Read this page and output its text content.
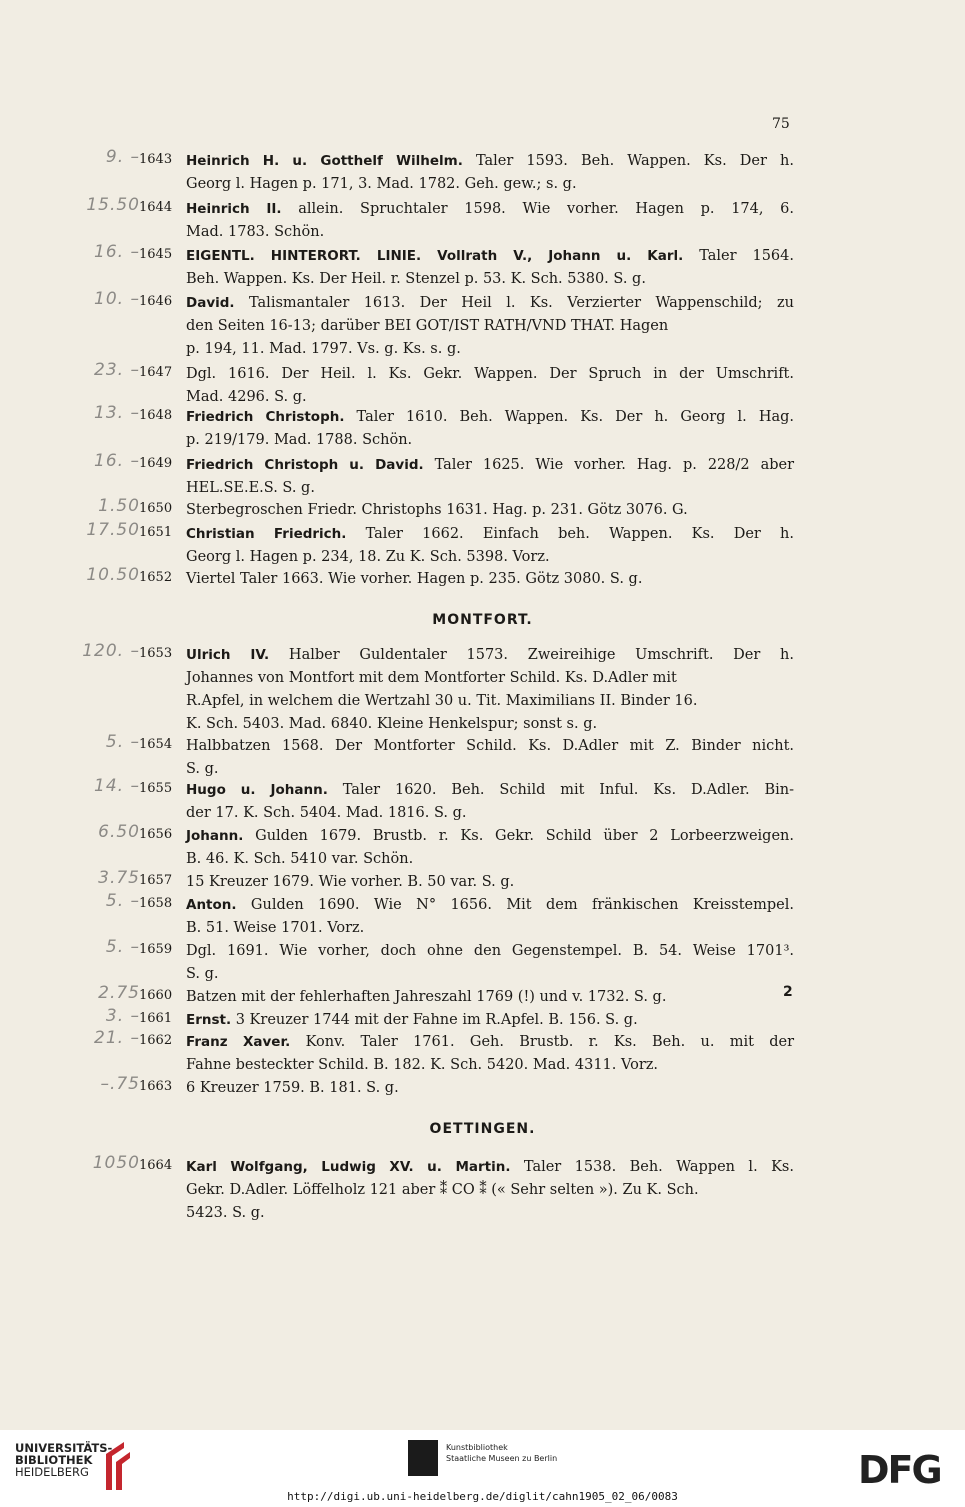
75
9. – 1643 Heinrich H. u. Gotthelf Wilhelm. Taler 1593. Beh. Wappen. Ks. Der h.
Georg l. Hagen p. 171, 3. Mad. 1782. Geh. gew.; s. g.
15.50 1644 Heinrich II. allein. Spruchtaler 1598. Wie vorher. Hagen p. 174, 6.
Mad. 1783. Schön.
16. – 1645 EIGENTL. HINTERORT. LINIE. Vollrath V., Johann u. Karl. Taler 1564.
Beh. Wappen. Ks. Der Heil. r. Stenzel p. 53. K. Sch. 5380. S. g.
10. – 1646 David. Talismantaler 1613. Der Heil l. Ks. Verzierter Wappenschild; zu
den Seiten 16-13; darüber BEI GOT/IST RATH/VND THAT. Hagen
p. 194, 11. Mad. 1797. Vs. g. Ks. s. g.
23. – 1647 Dgl. 1616. Der Heil. l. Ks. Gekr. Wappen. Der Spruch in der Umschrift.
Mad. 4296. S. g.
13. – 1648 Friedrich Christoph. Taler 1610. Beh. Wappen. Ks. Der h. Georg l. Hag.
p. 219/179. Mad. 1788. Schön.
16. – 1649 Friedrich Christoph u. David. Taler 1625. Wie vorher. Hag. p. 228/2 aber
HEL.SE.E.S. S. g.
1.50 1650 Sterbegroschen Friedr. Christophs 1631. Hag. p. 231. Götz 3076. G.
17.50 1651 Christian Friedrich. Taler 1662. Einfach beh. Wappen. Ks. Der h.
Georg l. Hagen p. 234, 18. Zu K. Sch. 5398. Vorz.
10.50 1652 Viertel Taler 1663. Wie vorher. Hagen p. 235. Götz 3080. S. g.
MONTFORT.
120. – 1653 Ulrich IV. Halber Guldentaler 1573. Zweireihige Umschrift. Der h.
Johannes von Montfort mit dem Montforter Schild. Ks. D.Adler mit
R.Apfel, in welchem die Wertzahl 30 u. Tit. Maximilians II. Binder 16.
K. Sch. 5403. Mad. 6840. Kleine Henkelspur; sonst s. g.
5. – 1654 Halbbatzen 1568. Der Montforter Schild. Ks. D.Adler mit Z. Binder nicht.
S. g.
14. – 1655 Hugo u. Johann. Taler 1620. Beh. Schild mit Inful. Ks. D.Adler. Bin-
der 17. K. Sch. 5404. Mad. 1816. S. g.
6.50 1656 Johann. Gulden 1679. Brustb. r. Ks. Gekr. Schild über 2 Lorbeerzweigen.
B. 46. K. Sch. 5410 var. Schön.
3.75 1657 15 Kreuzer 1679. Wie vorher. B. 50 var. S. g.
5. – 1658 Anton. Gulden 1690. Wie N° 1656. Mit dem fränkischen Kreisstempel.
B. 51. Weise 1701. Vorz.
5. – 1659 Dgl. 1691. Wie vorher, doch ohne den Gegenstempel. B. 54. Weise 1701³.
S. g.
2.75 1660 Batzen mit der fehlerhaften Jahreszahl 1769 (!) und v. 1732. S. g.
3. – 1661 Ernst. 3 Kreuzer 1744 mit der Fahne im R.Apfel. B. 156. S. g.
21. – 1662 Franz Xaver. Konv. Taler 1761. Geh. Brustb. r. Ks. Beh. u. mit der
Fahne besteckter Schild. B. 182. K. Sch. 5420. Mad. 4311. Vorz.
–.75 1663 6 Kreuzer 1759. B. 181. S. g.
2
OETTINGEN.
1050 1664 Karl Wolfgang, Ludwig XV. u. Martin. Taler 1538. Beh. Wappen l. Ks.
Gekr. D.Adler. Löffelholz 121 aber ⁑ CO ⁑ (« Sehr selten »). Zu K. Sch.
5423. S. g.
UNIVERSITÄTS-
BIBLIOTHEK
HEIDELBERG
Kunstbibliothek
Staatliche Museen zu Berlin	DFG
http://digi.ub.uni-heidelberg.de/diglit/cahn1905_02_06/0083
